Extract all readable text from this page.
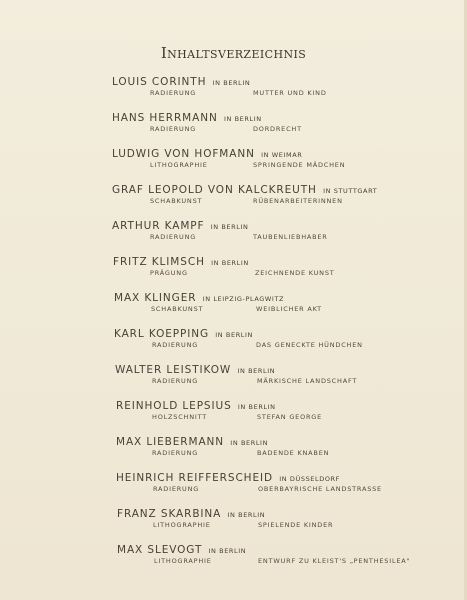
Inhaltsverzeichnis
LOUIS CORINTH IN BERLIN
RADIERUNG	MUTTER UND KIND
HANS HERRMANN IN BERLIN
RADIERUNG	DORDRECHT
LUDWIG VON HOFMANN IN WEIMAR
LITHOGRAPHIE	SPRINGENDE MÄDCHEN
GRAF LEOPOLD VON KALCKREUTH IN STUTTGART
SCHABKUNST	RÜBENARBEITERINNEN
ARTHUR KAMPF IN BERLIN
RADIERUNG	TAUBENLIEBHABER
FRITZ KLIMSCH IN BERLIN
PRÄGUNG	ZEICHNENDE KUNST
MAX KLINGER IN LEIPZIG-PLAGWITZ
SCHABKUNST	WEIBLICHER AKT
KARL KOEPPING IN BERLIN
RADIERUNG	DAS GENECKTE HÜNDCHEN
WALTER LEISTIKOW IN BERLIN
RADIERUNG	MÄRKISCHE LANDSCHAFT
REINHOLD LEPSIUS IN BERLIN
HOLZSCHNITT	STEFAN GEORGE
MAX LIEBERMANN IN BERLIN
RADIERUNG	BADENDE KNABEN
HEINRICH REIFFERSCHEID IN DÜSSELDORF
RADIERUNG	OBERBAYRISCHE LANDSTRASSE
FRANZ SKARBINA IN BERLIN
LITHOGRAPHIE	SPIELENDE KINDER
MAX SLEVOGT IN BERLIN
LITHOGRAPHIE	ENTWURF ZU KLEIST'S „PENTHESILEA"
